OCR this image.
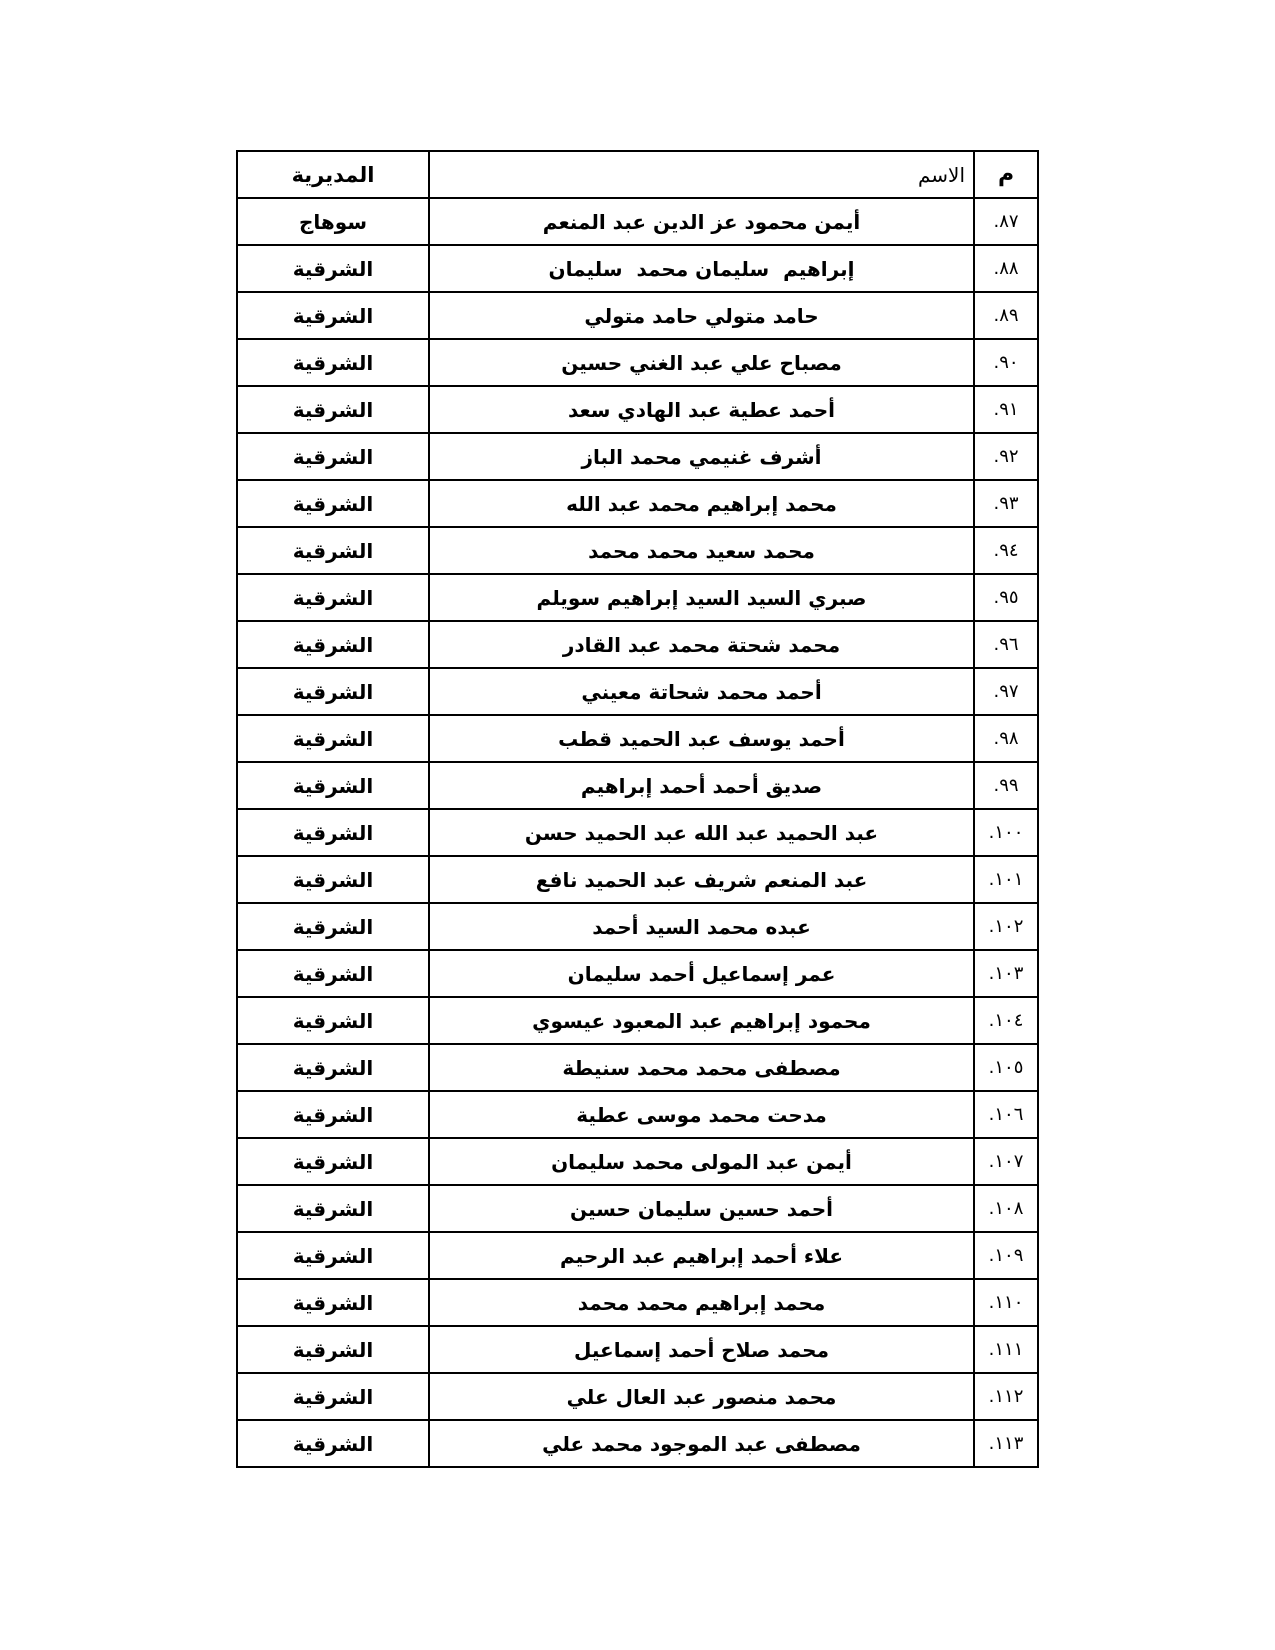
م	الاسم	المديرية
٨٧.	أيمن محمود عز الدين عبد المنعم	سوهاج
٨٨.	إبراهيم  سليمان محمد  سليمان	الشرقية
٨٩.	حامد متولي حامد متولي	الشرقية
٩٠.	مصباح علي عبد الغني حسين	الشرقية
٩١.	أحمد عطية عبد الهادي سعد	الشرقية
٩٢.	أشرف غنيمي محمد الباز	الشرقية
٩٣.	محمد إبراهيم محمد عبد الله	الشرقية
٩٤.	محمد سعيد محمد محمد	الشرقية
٩٥.	صبري السيد السيد إبراهيم سويلم	الشرقية
٩٦.	محمد شحتة محمد عبد القادر	الشرقية
٩٧.	أحمد محمد شحاتة معيني	الشرقية
٩٨.	أحمد يوسف عبد الحميد قطب	الشرقية
٩٩.	صديق أحمد أحمد إبراهيم	الشرقية
١٠٠.	عبد الحميد عبد الله عبد الحميد حسن	الشرقية
١٠١.	عبد المنعم شريف عبد الحميد نافع	الشرقية
١٠٢.	عبده محمد السيد أحمد	الشرقية
١٠٣.	عمر إسماعيل أحمد سليمان	الشرقية
١٠٤.	محمود إبراهيم عبد المعبود عيسوي	الشرقية
١٠٥.	مصطفى محمد محمد سنيطة	الشرقية
١٠٦.	مدحت محمد موسى عطية	الشرقية
١٠٧.	أيمن عبد المولى محمد سليمان	الشرقية
١٠٨.	أحمد حسين سليمان حسين	الشرقية
١٠٩.	علاء أحمد إبراهيم عبد الرحيم	الشرقية
١١٠.	محمد إبراهيم محمد محمد	الشرقية
١١١.	محمد صلاح أحمد إسماعيل	الشرقية
١١٢.	محمد منصور عبد العال علي	الشرقية
١١٣.	مصطفى عبد الموجود محمد علي	الشرقية
